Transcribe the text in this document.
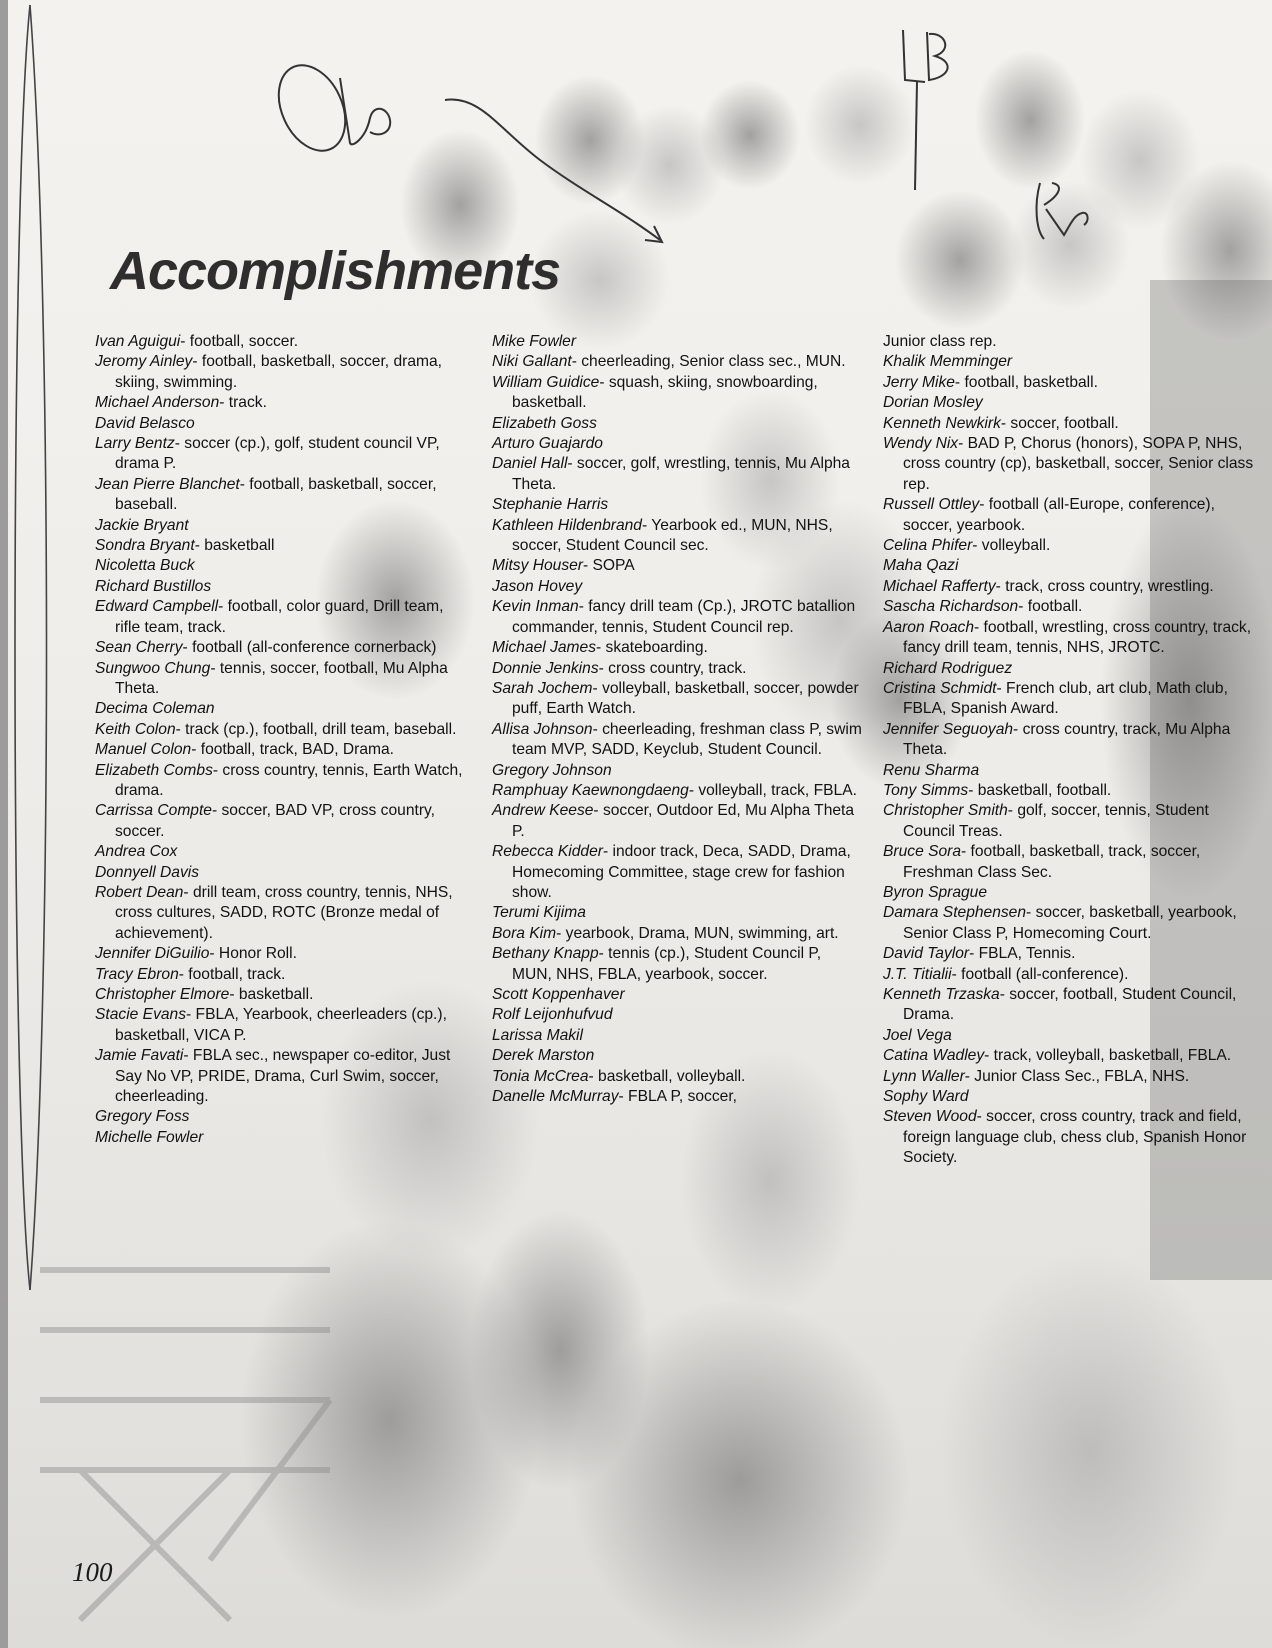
Accomplishments

Ivan Aguigui- football, soccer.

Jeromy Ainley- football, basketball, soccer, drama, skiing, swimming.

Michael Anderson- track.

David Belasco

Larry Bentz- soccer (cp.), golf, student council VP, drama P.

Jean Pierre Blanchet- football, basketball, soccer, baseball.

Jackie Bryant

Sondra Bryant- basketball

Nicoletta Buck

Richard Bustillos

Edward Campbell- football, color guard, Drill team, rifle team, track.

Sean Cherry- football (all-conference cornerback)

Sungwoo Chung- tennis, soccer, football, Mu Alpha Theta.

Decima Coleman

Keith Colon- track (cp.), football, drill team, baseball.

Manuel Colon- football, track, BAD, Drama.

Elizabeth Combs- cross country, tennis, Earth Watch, drama.

Carrissa Compte- soccer, BAD VP, cross country, soccer.

Andrea Cox

Donnyell Davis

Robert Dean- drill team, cross country, tennis, NHS, cross cultures, SADD, ROTC (Bronze medal of achievement).

Jennifer DiGuilio- Honor Roll.

Tracy Ebron- football, track.

Christopher Elmore- basketball.

Stacie Evans- FBLA, Yearbook, cheerleaders (cp.), basketball, VICA P.

Jamie Favati- FBLA sec., newspaper co-editor, Just Say No VP, PRIDE, Drama, Curl Swim, soccer, cheerleading.

Gregory Foss

Michelle Fowler

Mike Fowler

Niki Gallant- cheerleading, Senior class sec., MUN.

William Guidice- squash, skiing, snowboarding, basketball.

Elizabeth Goss

Arturo Guajardo

Daniel Hall- soccer, golf, wrestling, tennis, Mu Alpha Theta.

Stephanie Harris

Kathleen Hildenbrand- Yearbook ed., MUN, NHS, soccer, Student Council sec.

Mitsy Houser- SOPA

Jason Hovey

Kevin Inman- fancy drill team (Cp.), JROTC batallion commander, tennis, Student Council rep.

Michael James- skateboarding.

Donnie Jenkins- cross country, track.

Sarah Jochem- volleyball, basketball, soccer, powder puff, Earth Watch.

Allisa Johnson- cheerleading, freshman class P, swim team MVP, SADD, Keyclub, Student Council.

Gregory Johnson

Ramphuay Kaewnongdaeng- volleyball, track, FBLA.

Andrew Keese- soccer, Outdoor Ed, Mu Alpha Theta P.

Rebecca Kidder- indoor track, Deca, SADD, Drama, Homecoming Committee, stage crew for fashion show.

Terumi Kijima

Bora Kim- yearbook, Drama, MUN, swimming, art.

Bethany Knapp- tennis (cp.), Student Council P, MUN, NHS, FBLA, yearbook, soccer.

Scott Koppenhaver

Rolf Leijonhufvud

Larissa Makil

Derek Marston

Tonia McCrea- basketball, volleyball.

Danelle McMurray- FBLA P, soccer,

Junior class rep.

Khalik Memminger

Jerry Mike- football, basketball.

Dorian Mosley

Kenneth Newkirk- soccer, football.

Wendy Nix- BAD P, Chorus (honors), SOPA P, NHS, cross country (cp), basketball, soccer, Senior class rep.

Russell Ottley- football (all-Europe, conference), soccer, yearbook.

Celina Phifer- volleyball.

Maha Qazi

Michael Rafferty- track, cross country, wrestling.

Sascha Richardson- football.

Aaron Roach- football, wrestling, cross country, track, fancy drill team, tennis, NHS, JROTC.

Richard Rodriguez

Cristina Schmidt- French club, art club, Math club, FBLA, Spanish Award.

Jennifer Seguoyah- cross country, track, Mu Alpha Theta.

Renu Sharma

Tony Simms- basketball, football.

Christopher Smith- golf, soccer, tennis, Student Council Treas.

Bruce Sora- football, basketball, track, soccer, Freshman Class Sec.

Byron Sprague

Damara Stephensen- soccer, basketball, yearbook, Senior Class P, Homecoming Court.

David Taylor- FBLA, Tennis.

J.T. Titialii- football (all-conference).

Kenneth Trzaska- soccer, football, Student Council, Drama.

Joel Vega

Catina Wadley- track, volleyball, basketball, FBLA.

Lynn Waller- Junior Class Sec., FBLA, NHS.

Sophy Ward

Steven Wood- soccer, cross country, track and field, foreign language club, chess club, Spanish Honor Society.

100
